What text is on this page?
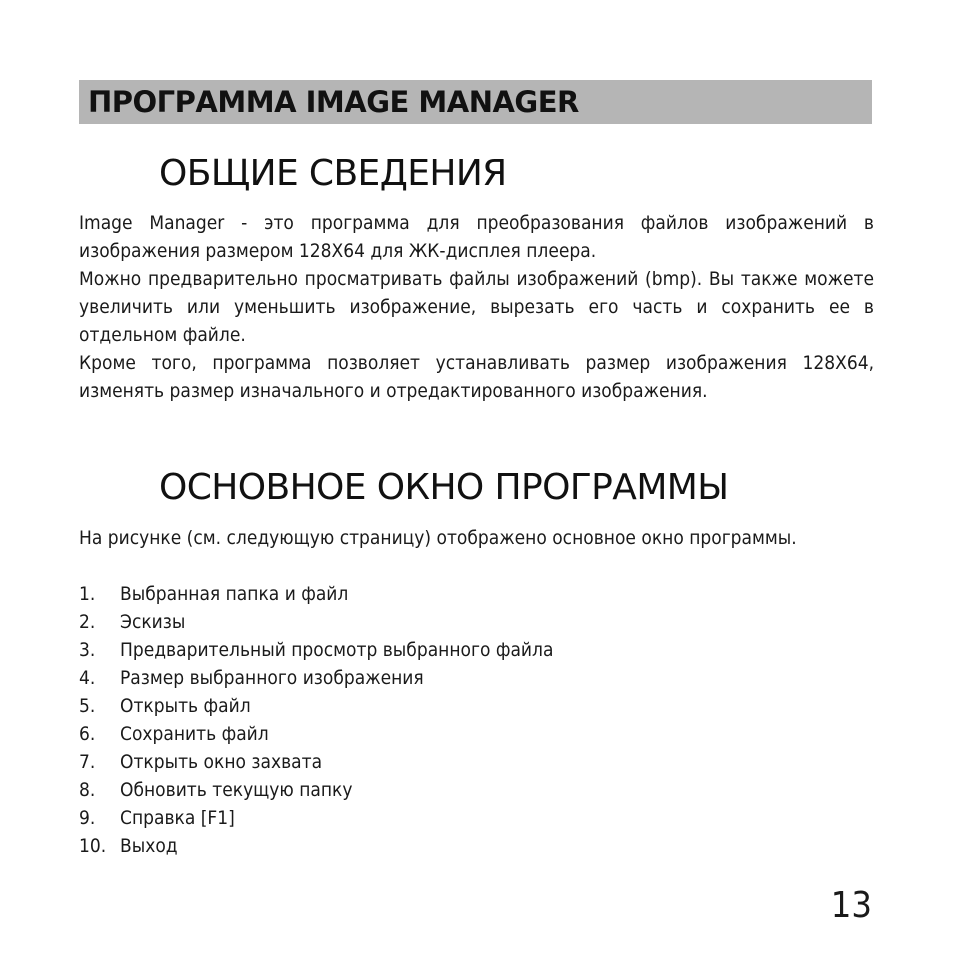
ПРОГРАММА IMAGE MANAGER
ОБЩИЕ СВЕДЕНИЯ

Image Manager - это программа для преобразования файлов изображений в изображения размером 128X64 для ЖК-дисплея плеера.

Можно предварительно просматривать файлы изображений (bmp). Вы также можете увеличить или уменьшить изображение, вырезать его часть и сохранить ее в отдельном файле.

Кроме того, программа позволяет устанавливать размер изображения 128X64, изменять размер изначального и отредактированного изображения.

ОСНОВНОЕ ОКНО ПРОГРАММЫ

На рисунке (см. следующую страницу) отображено основное окно программы.

1. Выбранная папка и файл
2. Эскизы
3. Предварительный просмотр выбранного файла
4. Размер выбранного изображения
5. Открыть файл
6. Сохранить файл
7. Открыть окно захвата
8. Обновить текущую папку
9. Справка [F1]
10. Выход
13
